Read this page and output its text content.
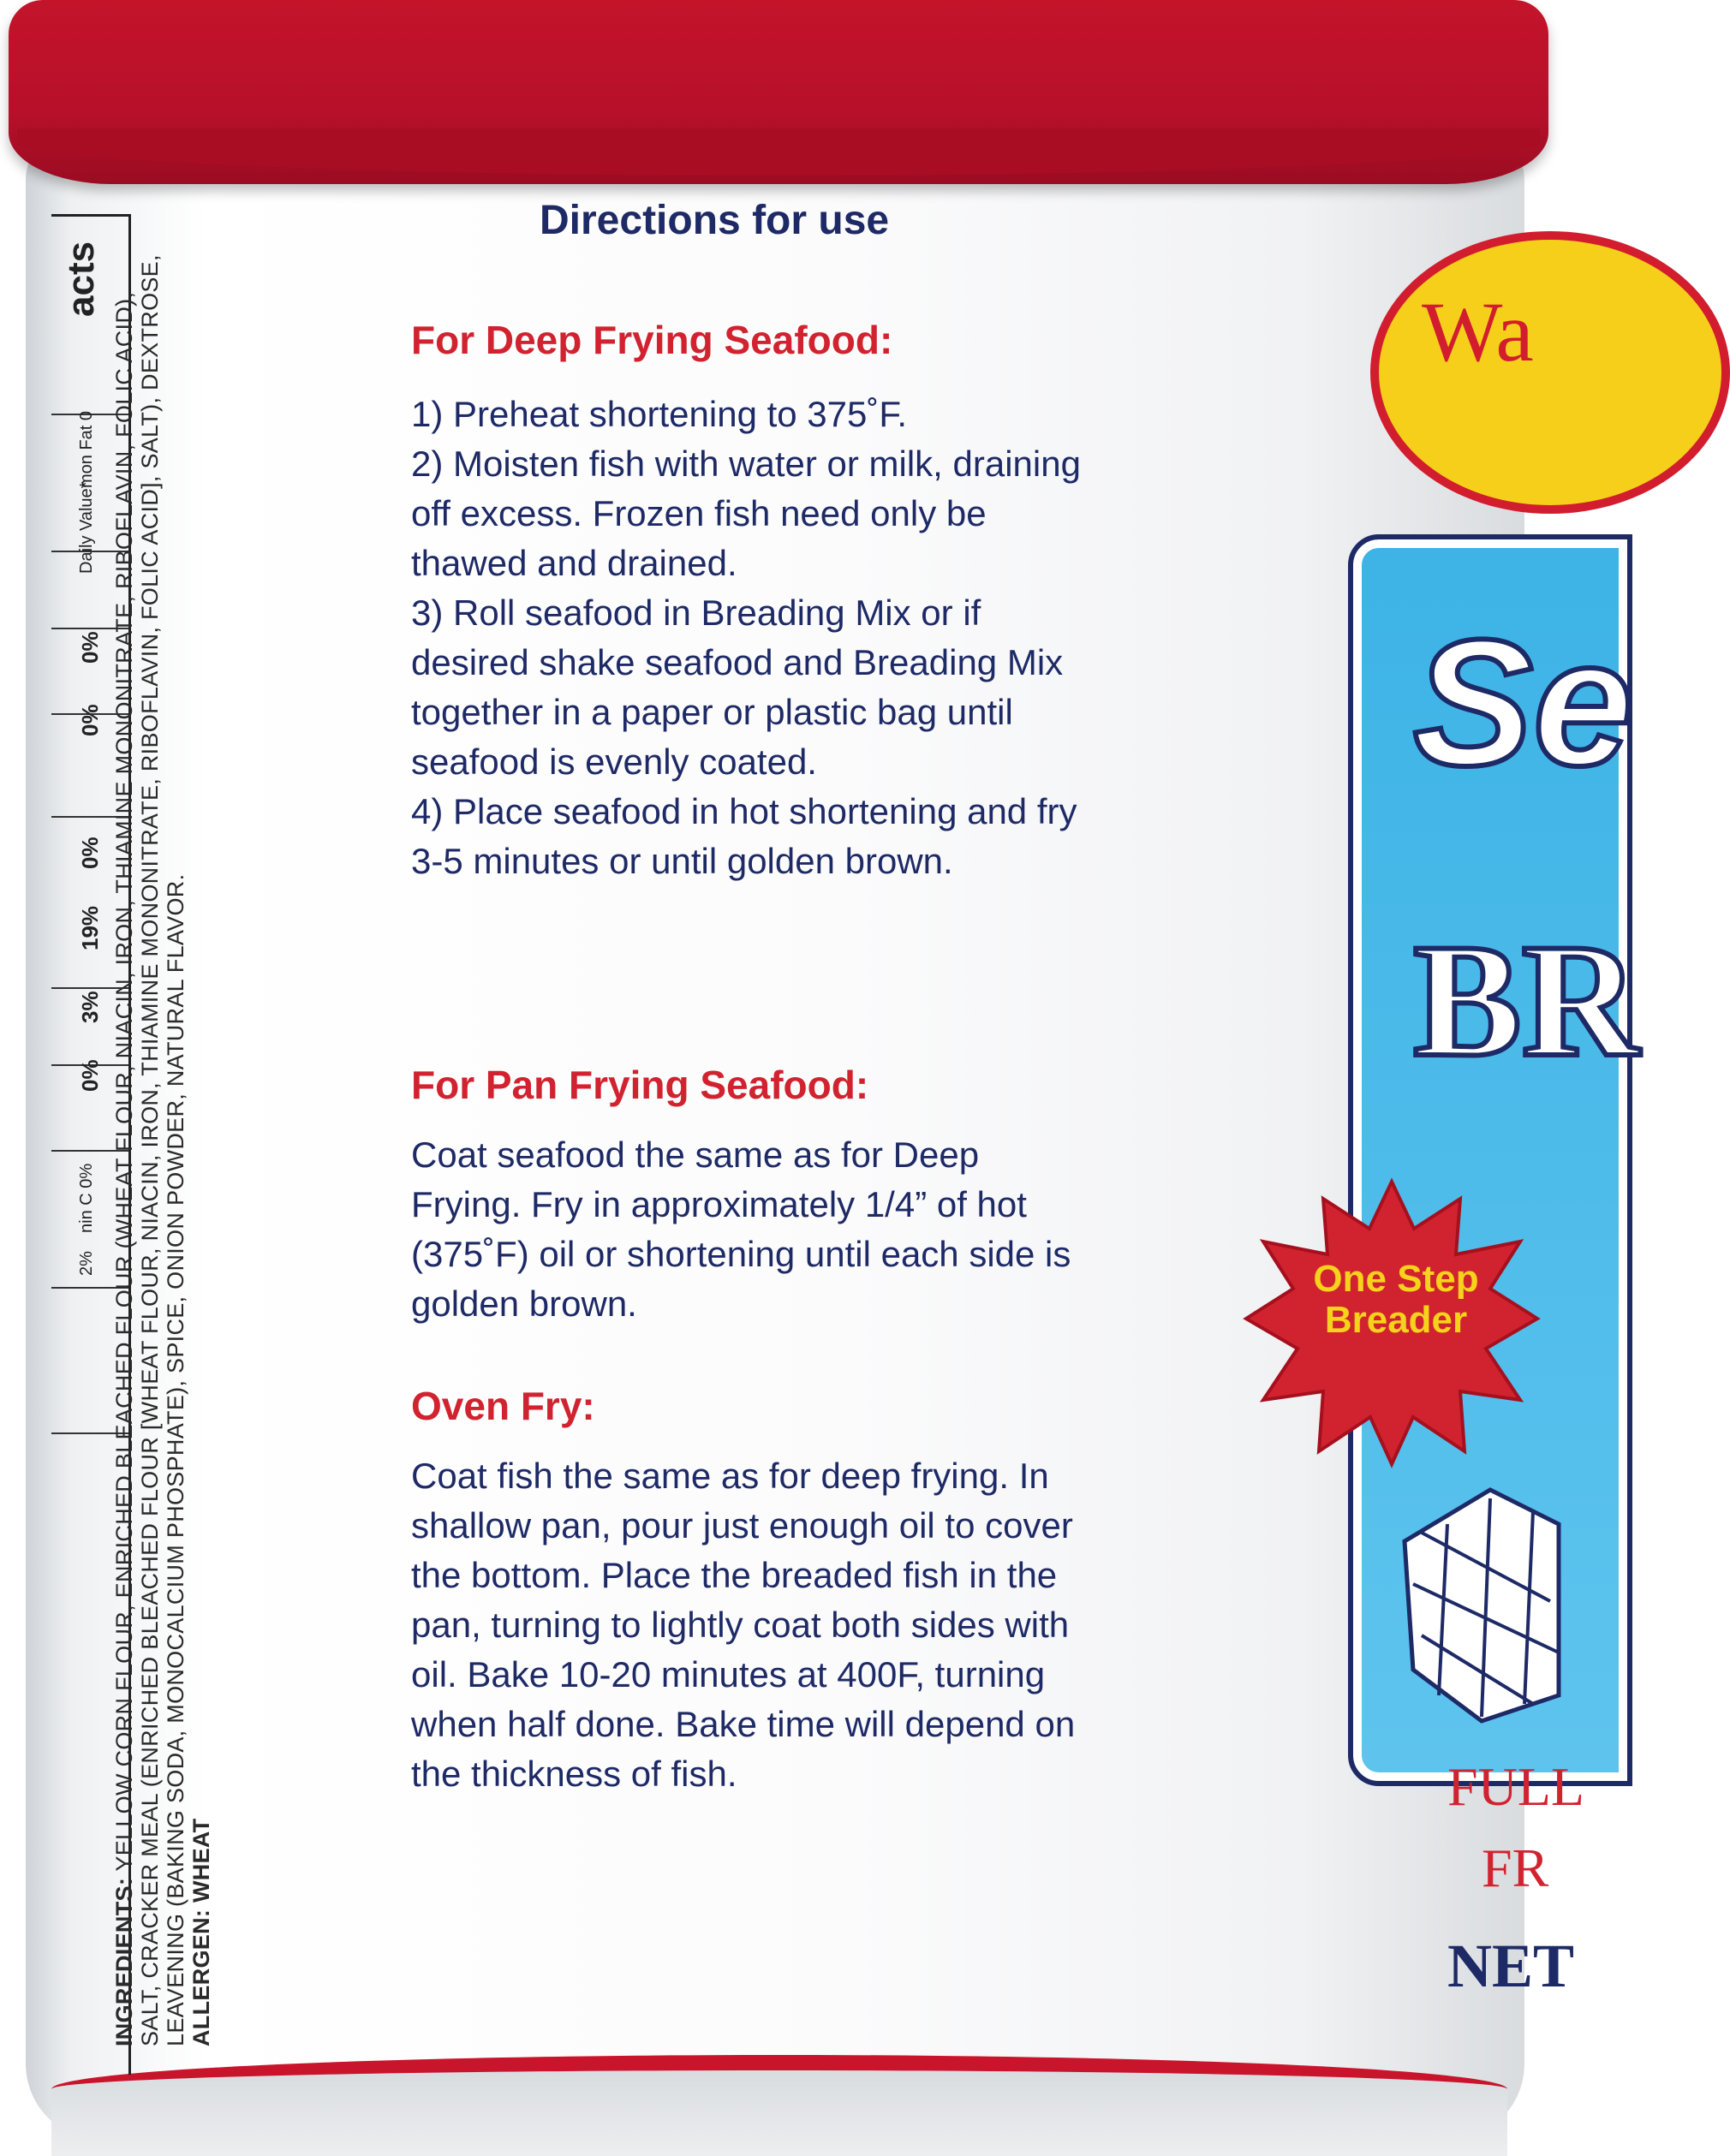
acts
0%
0%
0%
19%
3%
0%
Daily Value*
mon Fat 0
nin C 0%
2%
INGREDIENTS: YELLOW CORN FLOUR, ENRICHED BLEACHED FLOUR (WHEAT FLOUR, NIACIN, IRON, THIAMINE MONONITRATE, RIBOFLAVIN, FOLIC ACID), SALT, CRACKER MEAL (ENRICHED BLEACHED FLOUR [WHEAT FLOUR, NIACIN, IRON, THIAMINE MONONITRATE, RIBOFLAVIN, FOLIC ACID], SALT), DEXTROSE, LEAVENING (BAKING SODA, MONOCALCIUM PHOSPHATE), SPICE, ONION POWDER, NATURAL FLAVOR.
ALLERGEN: WHEAT
Directions for use
For Deep Frying Seafood:
1) Preheat shortening to 375˚F.
2) Moisten fish with water or milk, draining off excess. Frozen fish need only be thawed and drained.
3) Roll seafood in Breading Mix or if desired shake seafood and Breading Mix together in a paper or plastic bag until seafood is evenly coated.
4) Place seafood in hot shortening and fry 3-5 minutes or until golden brown.
For Pan Frying Seafood:
Coat seafood the same as for Deep Frying. Fry in approximately 1/4” of hot (375˚F) oil or shortening until each side is golden brown.
Oven Fry:
Coat fish the same as for deep frying. In shallow pan, pour just enough oil to cover the bottom. Place the breaded fish in the pan, turning to lightly coat both sides with oil. Bake 10-20 minutes at 400F, turning when half done. Bake time will depend on the thickness of fish.
Wa
Se
BR
One Step Breader
FULL
FR
NET
